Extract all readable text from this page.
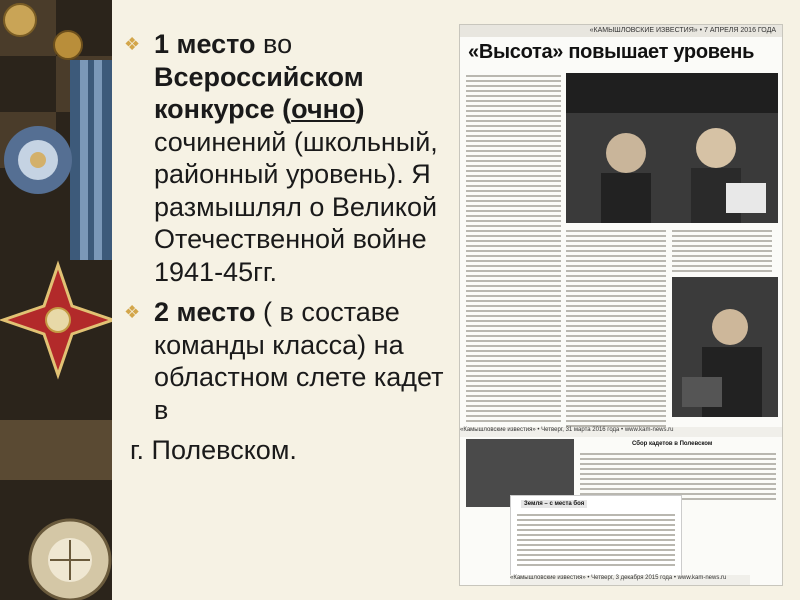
❖ 1 место во Всероссийском конкурсе (очно) сочинений (школьный, районный уровень). Я размышлял о Великой Отечественной войне 1941-45гг.

❖ 2 место ( в составе команды класса) на областном слете кадет в

г. Полевском.

«КАМЫШЛОВСКИЕ ИЗВЕСТИЯ» • 7 АПРЕЛЯ 2016 ГОДА
«Высота» повышает уровень
«Камышловские известия» • Четверг, 31 марта 2016 года • www.kam-news.ru
Сбор кадетов в Полевском
Земля – с места боя
«Камышловские известия» • Четверг, 3 декабря 2015 года • www.kam-news.ru
